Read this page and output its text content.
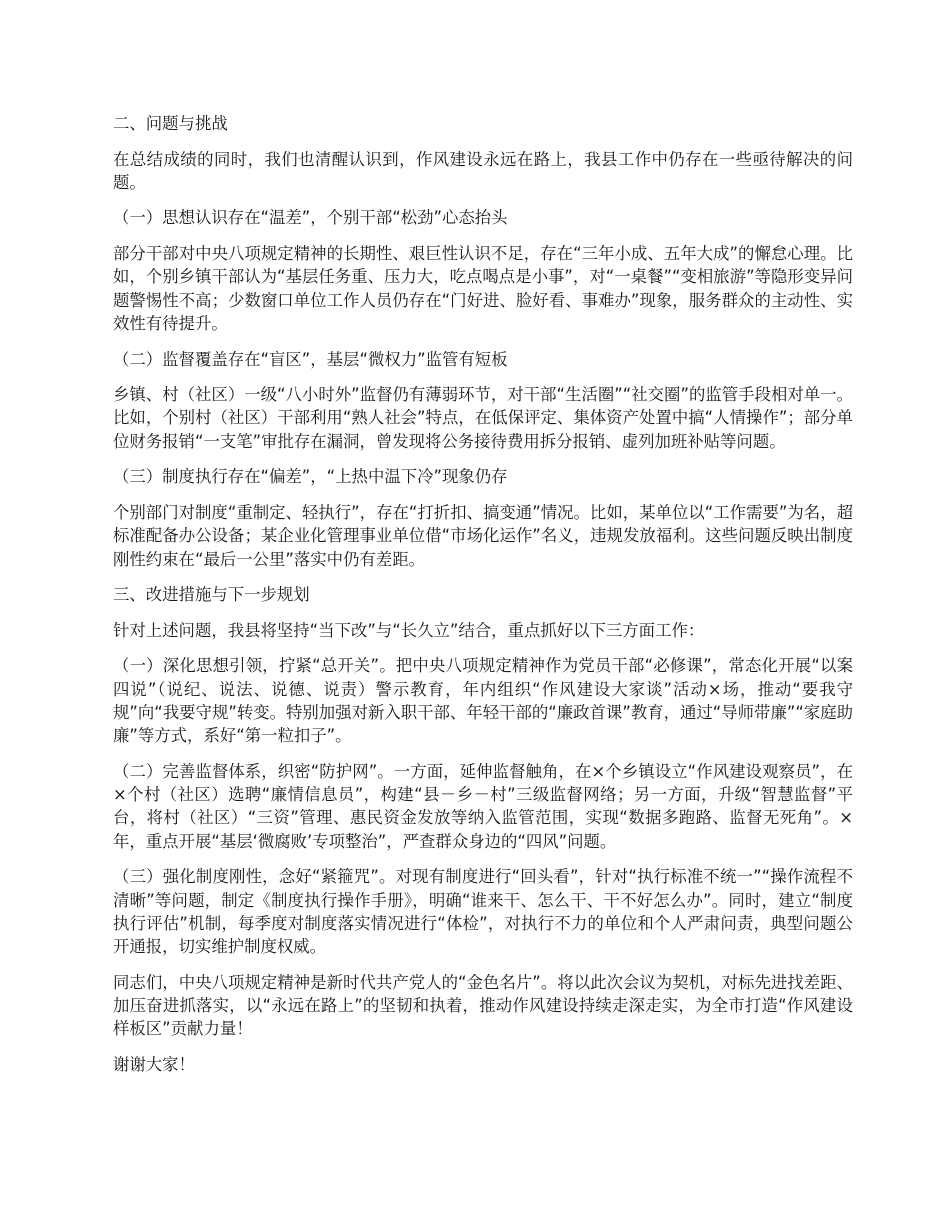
二、问题与挑战

在总结成绩的同时，我们也清醒认识到，作风建设永远在路上，我县工作中仍存在一些亟待解决的问题。

（一）思想认识存在“温差”，个别干部“松劲”心态抬头

部分干部对中央八项规定精神的长期性、艰巨性认识不足，存在“三年小成、五年大成”的懈怠心理。比如，个别乡镇干部认为“基层任务重、压力大，吃点喝点是小事”，对“一桌餐”“变相旅游”等隐形变异问题警惕性不高；少数窗口单位工作人员仍存在“门好进、脸好看、事难办”现象，服务群众的主动性、实效性有待提升。

（二）监督覆盖存在“盲区”，基层“微权力”监管有短板

乡镇、村（社区）一级“八小时外”监督仍有薄弱环节，对干部“生活圈”“社交圈”的监管手段相对单一。比如，个别村（社区）干部利用“熟人社会”特点，在低保评定、集体资产处置中搞“人情操作”；部分单位财务报销“一支笔”审批存在漏洞，曾发现将公务接待费用拆分报销、虚列加班补贴等问题。

（三）制度执行存在“偏差”，“上热中温下冷”现象仍存

个别部门对制度“重制定、轻执行”，存在“打折扣、搞变通”情况。比如，某单位以“工作需要”为名，超标准配备办公设备；某企业化管理事业单位借“市场化运作”名义，违规发放福利。这些问题反映出制度刚性约束在“最后一公里”落实中仍有差距。

三、改进措施与下一步规划

针对上述问题，我县将坚持“当下改”与“长久立”结合，重点抓好以下三方面工作：

（一）深化思想引领，拧紧“总开关”。把中央八项规定精神作为党员干部“必修课”，常态化开展“以案四说”（说纪、说法、说德、说责）警示教育，年内组织“作风建设大家谈”活动×场，推动“要我守规”向“我要守规”转变。特别加强对新入职干部、年轻干部的“廉政首课”教育，通过“导师带廉”“家庭助廉”等方式，系好“第一粒扣子”。

（二）完善监督体系，织密“防护网”。一方面，延伸监督触角，在×个乡镇设立“作风建设观察员”，在×个村（社区）选聘“廉情信息员”，构建“县－乡－村”三级监督网络；另一方面，升级“智慧监督”平台，将村（社区）“三资”管理、惠民资金发放等纳入监管范围，实现“数据多跑路、监督无死角”。×年，重点开展“基层‘微腐败’专项整治”，严查群众身边的“四风”问题。

（三）强化制度刚性，念好“紧箍咒”。对现有制度进行“回头看”，针对“执行标准不统一”“操作流程不清晰”等问题，制定《制度执行操作手册》，明确“谁来干、怎么干、干不好怎么办”。同时，建立“制度执行评估”机制，每季度对制度落实情况进行“体检”，对执行不力的单位和个人严肃问责，典型问题公开通报，切实维护制度权威。

同志们，中央八项规定精神是新时代共产党人的“金色名片”。将以此次会议为契机，对标先进找差距、加压奋进抓落实，以“永远在路上”的坚韧和执着，推动作风建设持续走深走实，为全市打造“作风建设样板区”贡献力量！

谢谢大家！
